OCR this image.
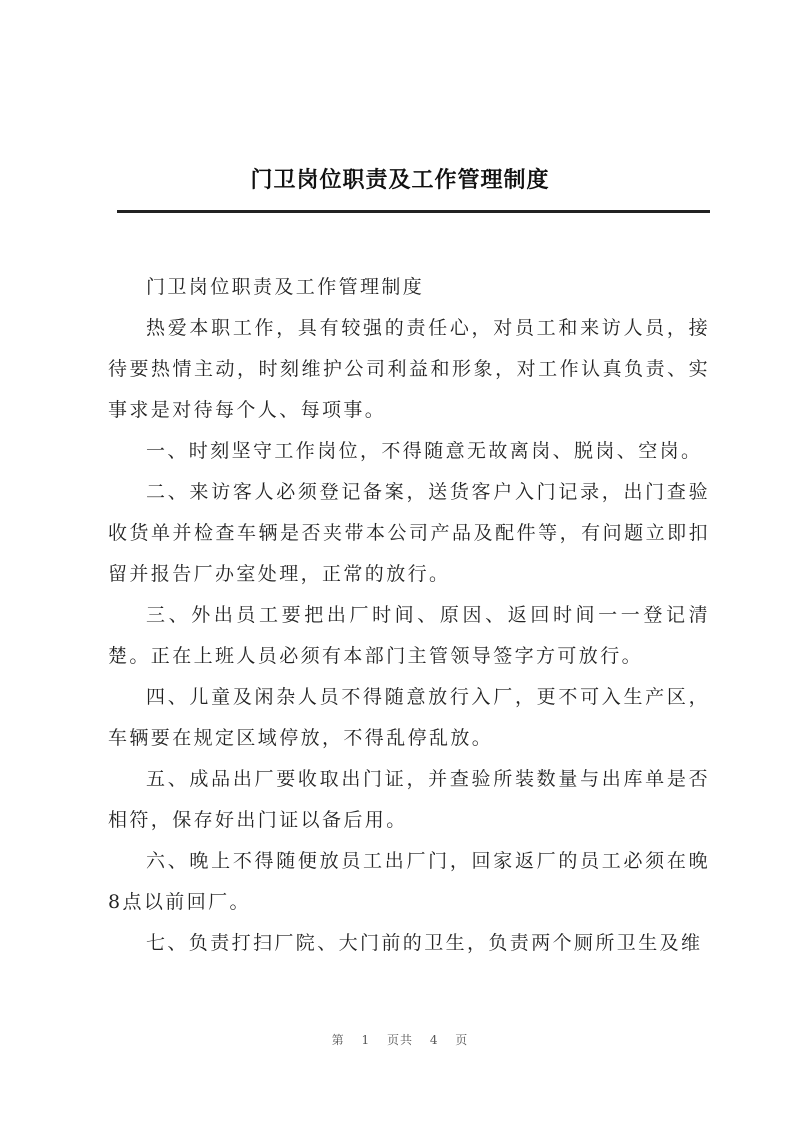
门卫岗位职责及工作管理制度

门卫岗位职责及工作管理制度

热爱本职工作，具有较强的责任心，对员工和来访人员，接待要热情主动，时刻维护公司利益和形象，对工作认真负责、实事求是对待每个人、每项事。

一、时刻坚守工作岗位，不得随意无故离岗、脱岗、空岗。

二、来访客人必须登记备案，送货客户入门记录，出门查验收货单并检查车辆是否夹带本公司产品及配件等，有问题立即扣留并报告厂办室处理，正常的放行。

三、外出员工要把出厂时间、原因、返回时间一一登记清楚。正在上班人员必须有本部门主管领导签字方可放行。

四、儿童及闲杂人员不得随意放行入厂，更不可入生产区，车辆要在规定区域停放，不得乱停乱放。

五、成品出厂要收取出门证，并查验所装数量与出库单是否相符，保存好出门证以备后用。

六、晚上不得随便放员工出厂门，回家返厂的员工必须在晚8点以前回厂。

七、负责打扫厂院、大门前的卫生，负责两个厕所卫生及维

第 1 页共 4 页
